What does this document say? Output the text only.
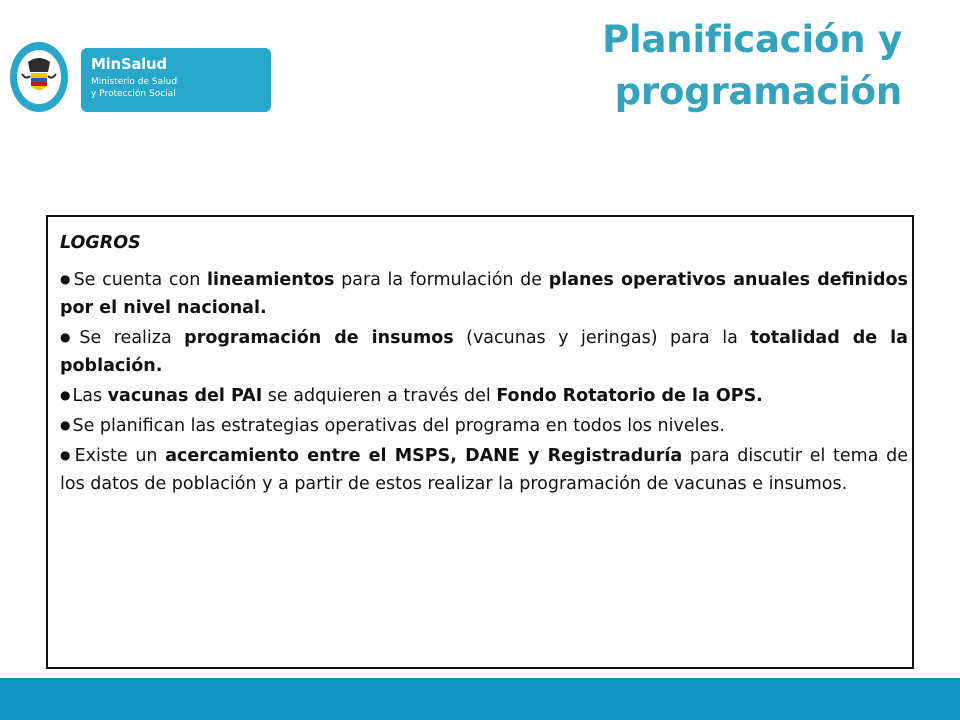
MinSalud
Ministerio de Salud
y Protección Social
Planificación y
programación
LOGROS
● Se cuenta con lineamientos para la formulación de planes operativos anuales definidos por el nivel nacional.
● Se realiza programación de insumos (vacunas y jeringas) para la totalidad de la población.
● Las vacunas del PAI se adquieren a través del Fondo Rotatorio de la OPS.
● Se planifican las estrategias operativas del programa en todos los niveles.
● Existe un acercamiento entre el MSPS, DANE y Registraduría para discutir el tema de los datos de población y a partir de estos realizar la programación de vacunas e insumos.
